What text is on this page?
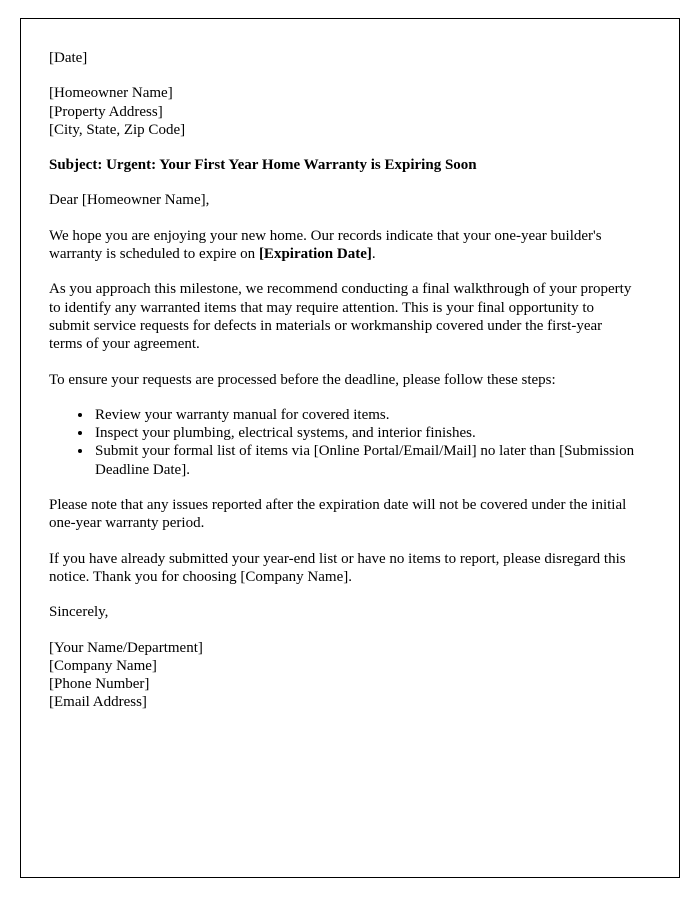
[Date]

[Homeowner Name]

[Property Address]

[City, State, Zip Code]

Subject: Urgent: Your First Year Home Warranty is Expiring Soon

Dear [Homeowner Name],

We hope you are enjoying your new home. Our records indicate that your one-year builder's warranty is scheduled to expire on [Expiration Date].

As you approach this milestone, we recommend conducting a final walkthrough of your property to identify any warranted items that may require attention. This is your final opportunity to submit service requests for defects in materials or workmanship covered under the first-year terms of your agreement.

To ensure your requests are processed before the deadline, please follow these steps:

• Review your warranty manual for covered items.
• Inspect your plumbing, electrical systems, and interior finishes.
• Submit your formal list of items via [Online Portal/Email/Mail] no later than [Submission Deadline Date].

Please note that any issues reported after the expiration date will not be covered under the initial one-year warranty period.

If you have already submitted your year-end list or have no items to report, please disregard this notice. Thank you for choosing [Company Name].

Sincerely,

[Your Name/Department]

[Company Name]

[Phone Number]

[Email Address]
